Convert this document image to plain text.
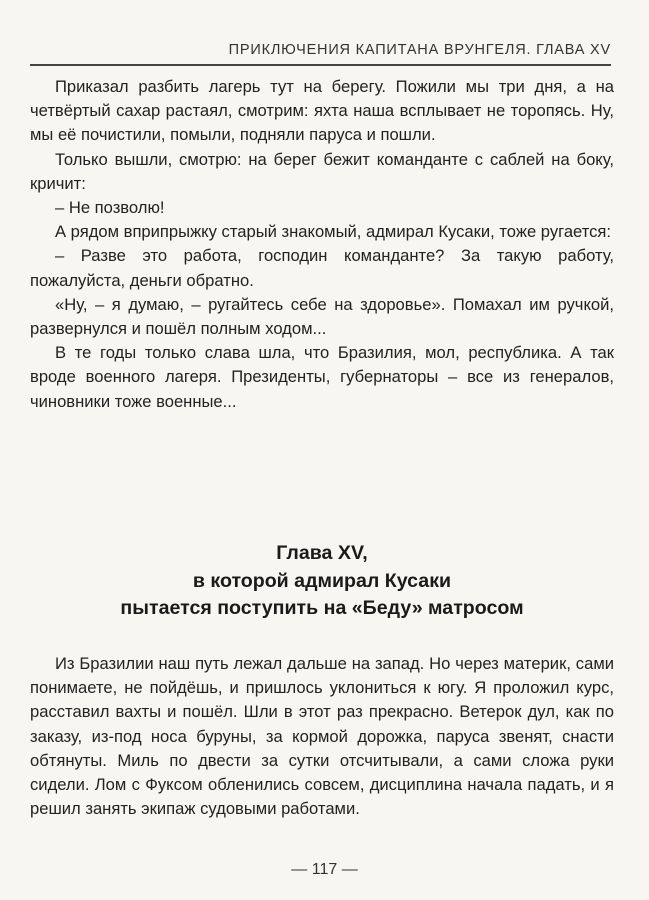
ПРИКЛЮЧЕНИЯ КАПИТАНА ВРУНГЕЛЯ. ГЛАВА XV

Приказал разбить лагерь тут на берегу. Пожили мы три дня, а на четвёртый сахар растаял, смотрим: яхта наша всплывает не торопясь. Ну, мы её почистили, помыли, подняли паруса и пошли.

Только вышли, смотрю: на берег бежит команданте с саблей на боку, кричит:

– Не позволю!

А рядом вприпрыжку старый знакомый, адмирал Кусаки, тоже ругается:

– Разве это работа, господин команданте? За такую работу, пожалуйста, деньги обратно.

«Ну, – я думаю, – ругайтесь себе на здоровье». Помахал им ручкой, развернулся и пошёл полным ходом...

В те годы только слава шла, что Бразилия, мол, республика. А так вроде военного лагеря. Президенты, губернаторы – все из генералов, чиновники тоже военные...

Глава XV,
в которой адмирал Кусаки
пытается поступить на «Беду» матросом

Из Бразилии наш путь лежал дальше на запад. Но через материк, сами понимаете, не пойдёшь, и пришлось уклониться к югу. Я проложил курс, расставил вахты и пошёл. Шли в этот раз прекрасно. Ветерок дул, как по заказу, из-под носа буруны, за кормой дорожка, паруса звенят, снасти обтянуты. Миль по двести за сутки отсчитывали, а сами сложа руки сидели. Лом с Фуксом обленились совсем, дисциплина начала падать, и я решил занять экипаж судовыми работами.

— 117 —
